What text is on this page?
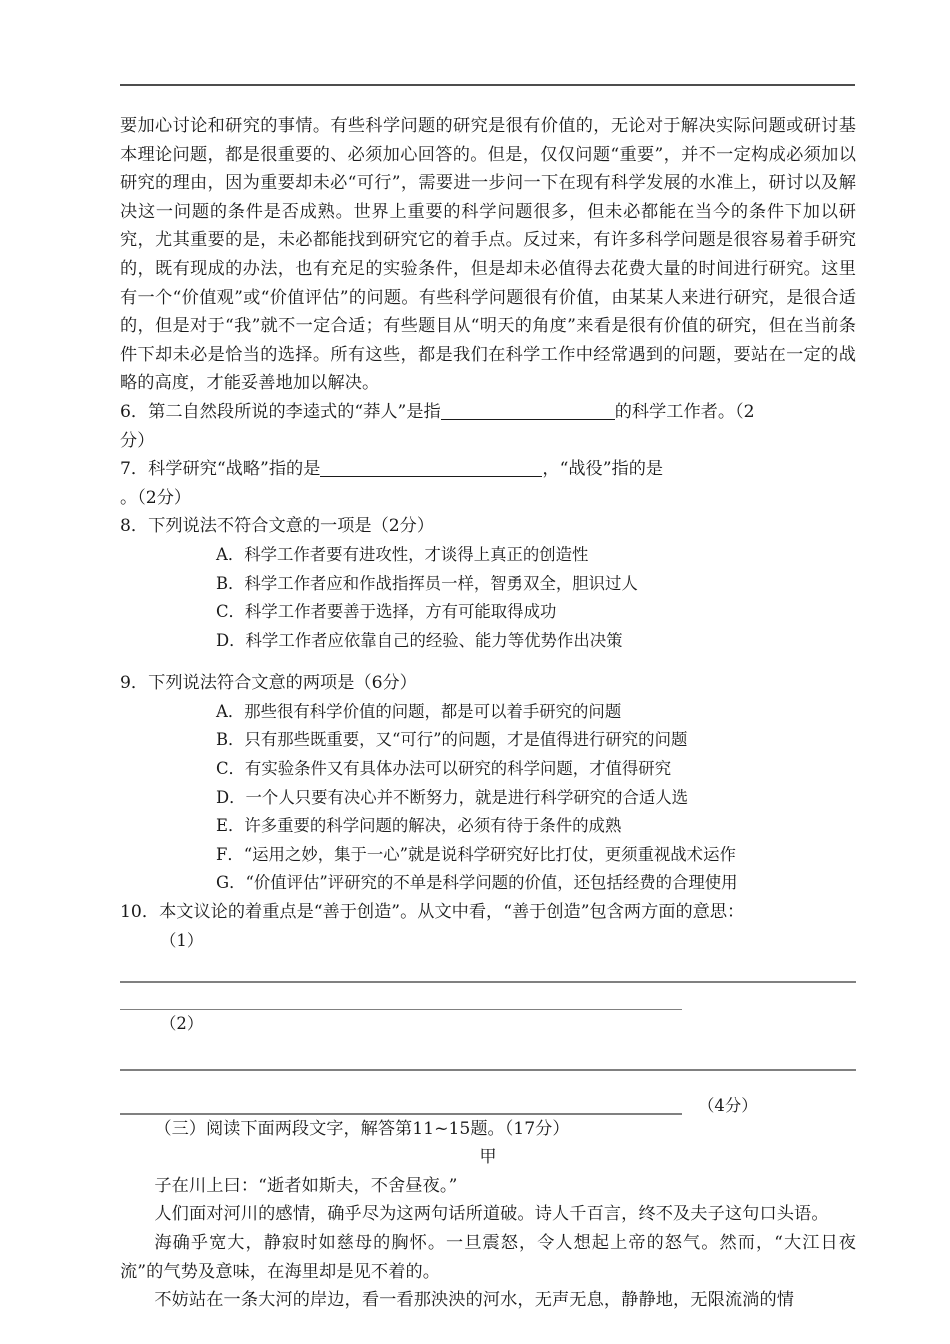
要加心讨论和研究的事情。有些科学问题的研究是很有价值的，无论对于解决实际问题或研讨基本理论问题，都是很重要的、必须加心回答的。但是，仅仅问题“重要”，并不一定构成必须加以研究的理由，因为重要却未必“可行”，需要进一步问一下在现有科学发展的水准上，研讨以及解决这一问题的条件是否成熟。世界上重要的科学问题很多，但未必都能在当今的条件下加以研究，尤其重要的是，未必都能找到研究它的着手点。反过来，有许多科学问题是很容易着手研究的，既有现成的办法，也有充足的实验条件，但是却未必值得去花费大量的时间进行研究。这里有一个“价值观”或“价值评估”的问题。有些科学问题很有价值，由某某人来进行研究，是很合适的，但是对于“我”就不一定合适；有些题目从“明天的角度”来看是很有价值的研究，但在当前条件下却未必是恰当的选择。所有这些，都是我们在科学工作中经常遇到的问题，要站在一定的战略的高度，才能妥善地加以解决。

6．第二自然段所说的李逵式的“莽人”是指	的科学工作者。（2
分）
7．科学研究“战略”指的是	，“战役”指的是
。（2分）
8．下列说法不符合文意的一项是（2分）
A．科学工作者要有进攻性，才谈得上真正的创造性
B．科学工作者应和作战指挥员一样，智勇双全，胆识过人
C．科学工作者要善于选择，方有可能取得成功
D．科学工作者应依靠自己的经验、能力等优势作出决策
9．下列说法符合文意的两项是（6分）
A．那些很有科学价值的问题，都是可以着手研究的问题
B．只有那些既重要，又“可行”的问题，才是值得进行研究的问题
C．有实验条件又有具体办法可以研究的科学问题，才值得研究
D．一个人只要有决心并不断努力，就是进行科学研究的合适人选
E．许多重要的科学问题的解决，必须有待于条件的成熟
F．“运用之妙，集于一心”就是说科学研究好比打仗，更须重视战术运作
G．“价值评估”评研究的不单是科学问题的价值，还包括经费的合理使用
10．本文议论的着重点是“善于创造”。从文中看，“善于创造”包含两方面的意思：
（1）
（2）
（4分）
（三）阅读下面两段文字，解答第11~15题。（17分）
甲

子在川上曰：“逝者如斯夫，不舍昼夜。”

人们面对河川的感情，确乎尽为这两句话所道破。诗人千百言，终不及夫子这句口头语。

海确乎宽大，静寂时如慈母的胸怀。一旦震怒，令人想起上帝的怒气。然而，“大江日夜流”的气势及意味，在海里却是见不着的。

不妨站在一条大河的岸边，看一看那泱泱的河水，无声无息，静静地，无限流淌的情
